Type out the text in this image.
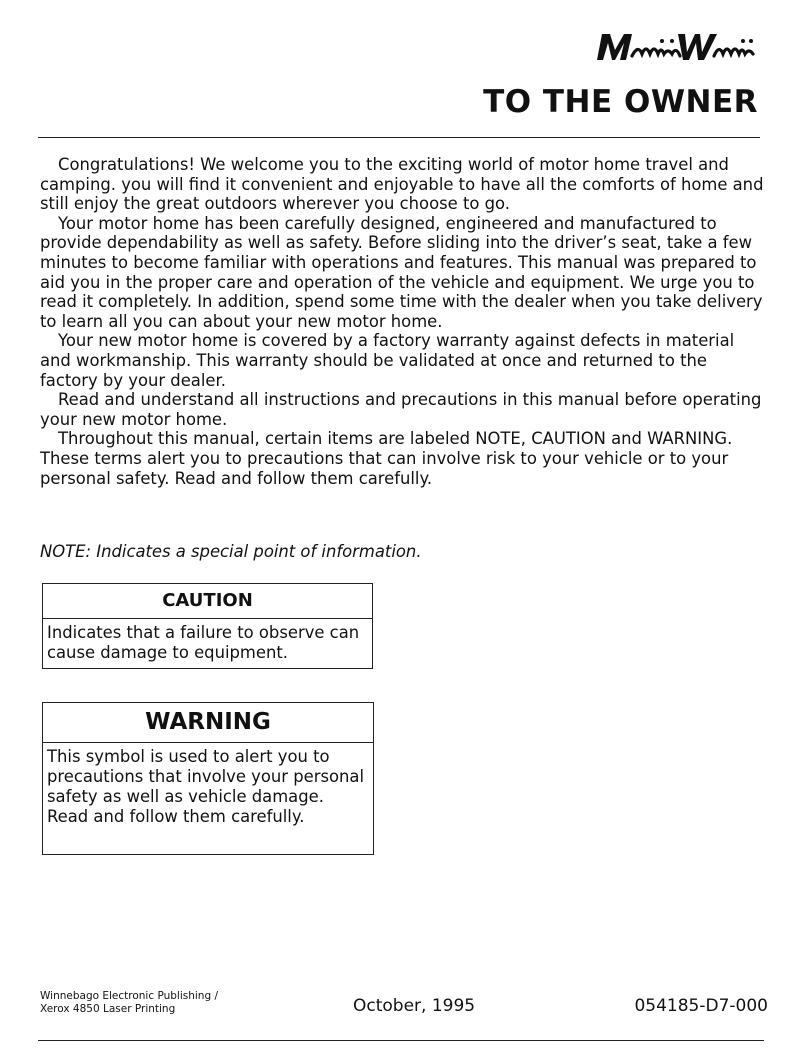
TO THE OWNER

Congratulations! We welcome you to the exciting world of motor home travel and camping. you will find it convenient and enjoyable to have all the comforts of home and still enjoy the great outdoors wherever you choose to go.

Your motor home has been carefully designed, engineered and manufactured to provide dependability as well as safety. Before sliding into the driver’s seat, take a few minutes to become familiar with operations and features. This manual was prepared to aid you in the proper care and operation of the vehicle and equipment. We urge you to read it completely. In addition, spend some time with the dealer when you take delivery to learn all you can about your new motor home.

Your new motor home is covered by a factory warranty against defects in material and workmanship. This warranty should be validated at once and returned to the factory by your dealer.

Read and understand all instructions and precautions in this manual before operating your new motor home.

Throughout this manual, certain items are labeled NOTE, CAUTION and WARNING. These terms alert you to precautions that can involve risk to your vehicle or to your personal safety. Read and follow them carefully.

NOTE: Indicates a special point of information.

CAUTION
Indicates that a failure to observe can cause damage to equipment.
WARNING
This symbol is used to alert you to precautions that involve your personal safety as well as vehicle damage. Read and follow them carefully.
Winnebago Electronic Publishing /
Xerox 4850 Laser Printing	October, 1995	054185-D7-000
